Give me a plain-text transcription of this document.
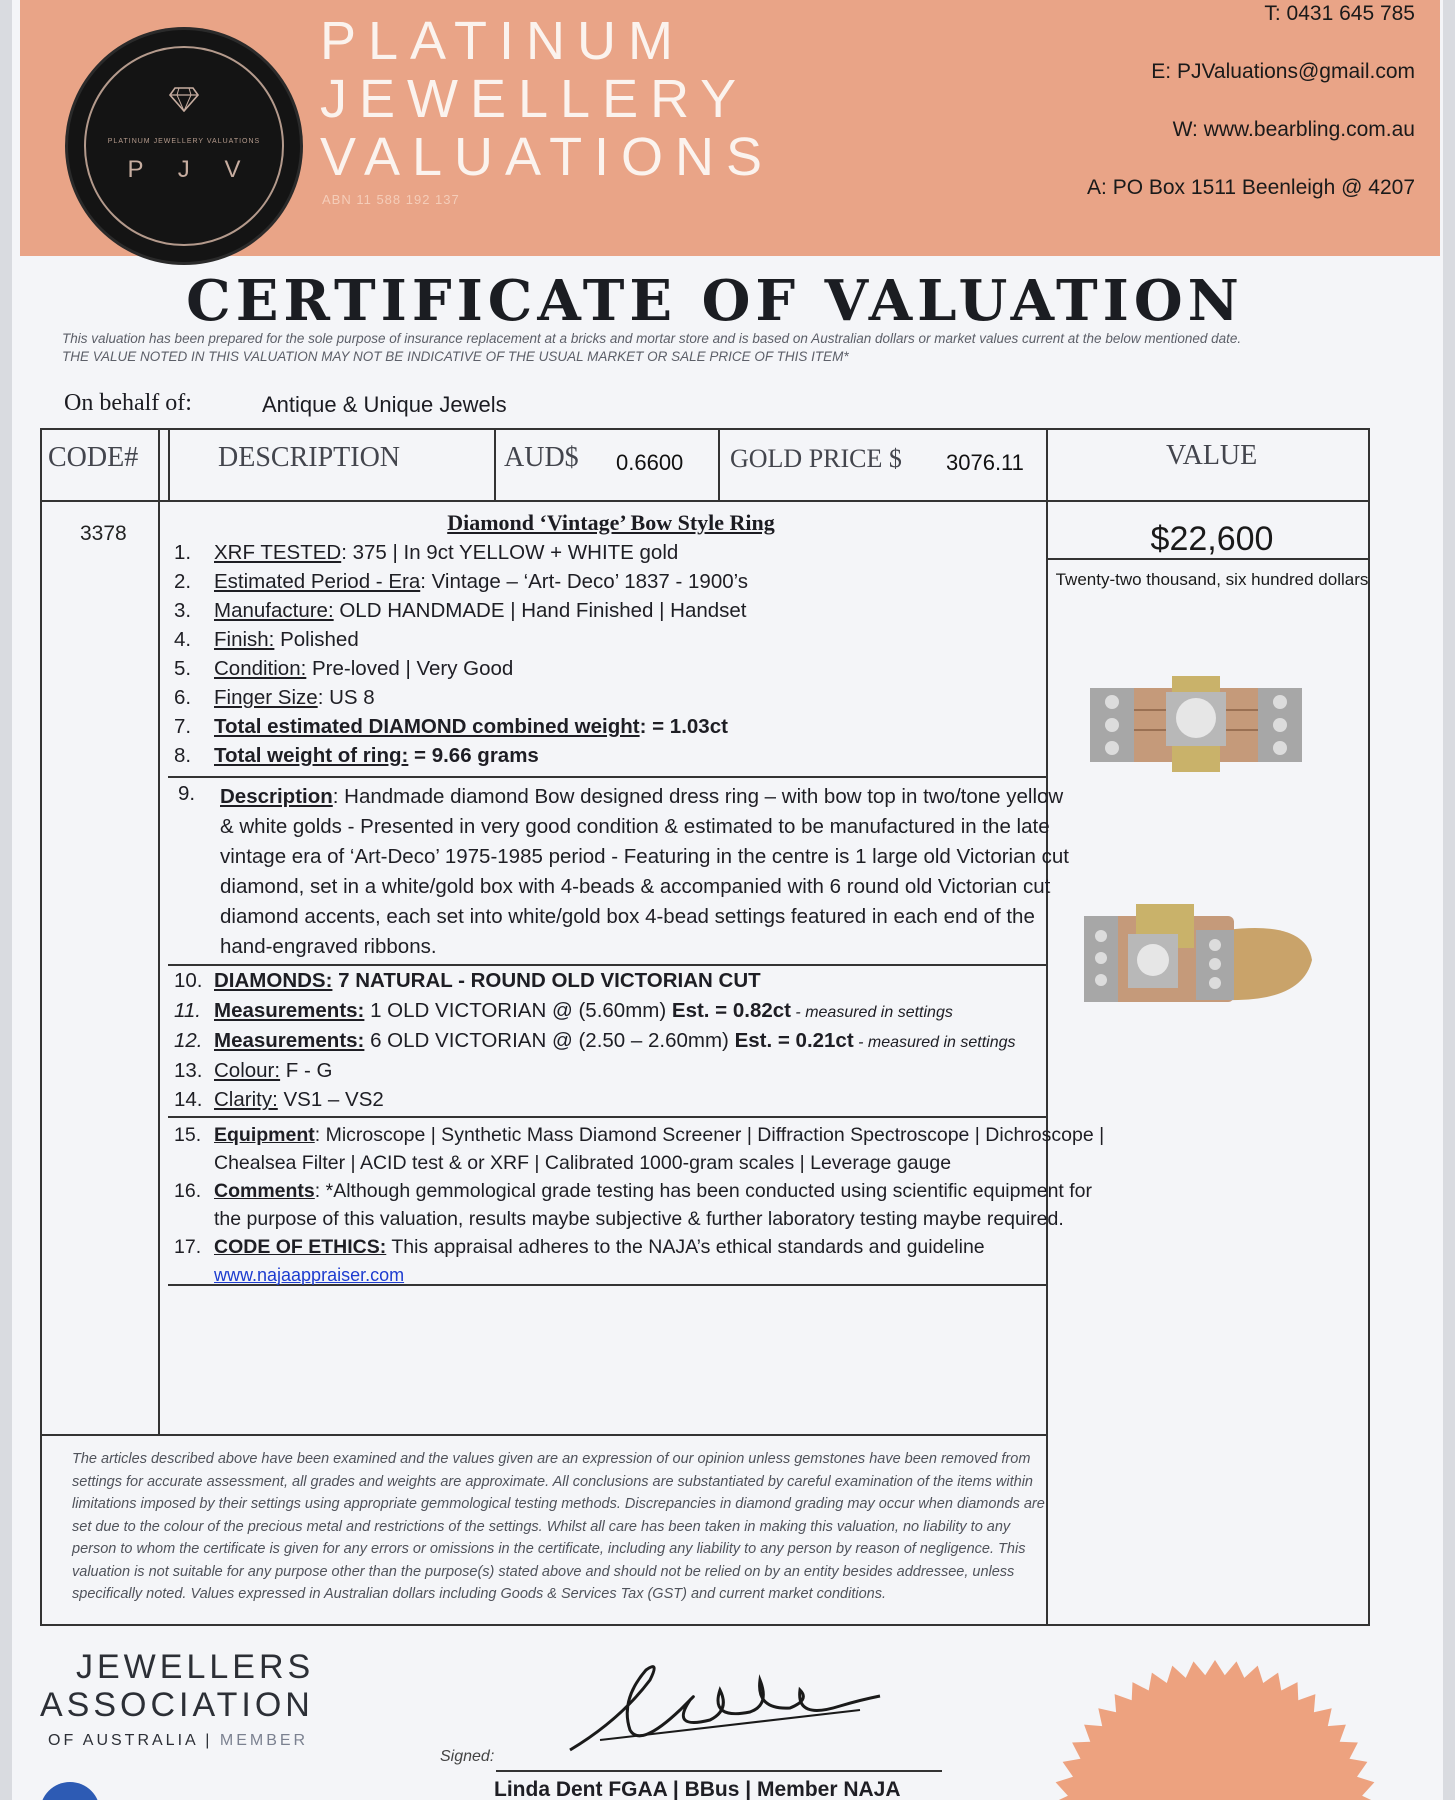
PLATINUM JEWELLERY VALUATIONS
P J V
PLATINUM
JEWELLERY
VALUATIONS
ABN 11 588 192 137
T: 0431 645 785
E: PJValuations@gmail.com
W: www.bearbling.com.au
A: PO Box 1511 Beenleigh @ 4207
CERTIFICATE OF VALUATION
This valuation has been prepared for the sole purpose of insurance replacement at a bricks and mortar store and is based on Australian dollars or market values current at the below mentioned date.
THE VALUE NOTED IN THIS VALUATION MAY NOT BE INDICATIVE OF THE USUAL MARKET OR SALE PRICE OF THIS ITEM*
On behalf of:	Antique & Unique Jewels
CODE#	DESCRIPTION	AUD$ 0.6600 GOLD PRICE $ 3076.11	VALUE
3378	Diamond ‘Vintage’ Bow Style Ring
1. XRF TESTED: 375 | In 9ct YELLOW + WHITE gold
2. Estimated Period - Era: Vintage – ‘Art- Deco’ 1837 - 1900’s
3. Manufacture: OLD HANDMADE | Hand Finished | Handset
4. Finish: Polished
5. Condition: Pre-loved | Very Good
6. Finger Size: US 8
7. Total estimated DIAMOND combined weight: = 1.03ct
8. Total weight of ring: = 9.66 grams
9. Description: Handmade diamond Bow designed dress ring – with bow top in two/tone yellow & white golds - Presented in very good condition & estimated to be manufactured in the late vintage era of ‘Art-Deco’ 1975-1985 period - Featuring in the centre is 1 large old Victorian cut diamond, set in a white/gold box with 4-beads & accompanied with 6 round old Victorian cut diamond accents, each set into white/gold box 4-bead settings featured in each end of the hand-engraved ribbons.
10. DIAMONDS: 7 NATURAL - ROUND OLD VICTORIAN CUT
11. Measurements: 1 OLD VICTORIAN @ (5.60mm) Est. = 0.82ct - measured in settings
12. Measurements: 6 OLD VICTORIAN @ (2.50 – 2.60mm) Est. = 0.21ct - measured in settings
13. Colour: F - G
14. Clarity: VS1 – VS2
15. Equipment: Microscope | Synthetic Mass Diamond Screener | Diffraction Spectroscope | Dichroscope |
Chealsea Filter | ACID test & or XRF | Calibrated 1000-gram scales | Leverage gauge
16. Comments: *Although gemmological grade testing has been conducted using scientific equipment for
the purpose of this valuation, results maybe subjective & further laboratory testing maybe required.
17. CODE OF ETHICS: This appraisal adheres to the NAJA’s ethical standards and guideline
www.najaappraiser.com
$22,600
Twenty-two thousand, six hundred dollars
The articles described above have been examined and the values given are an expression of our opinion unless gemstones have been removed from settings for accurate assessment, all grades and weights are approximate. All conclusions are substantiated by careful examination of the items within limitations imposed by their settings using appropriate gemmological testing methods. Discrepancies in diamond grading may occur when diamonds are set due to the colour of the precious metal and restrictions of the settings. Whilst all care has been taken in making this valuation, no liability to any person to whom the certificate is given for any errors or omissions in the certificate, including any liability to any person by reason of negligence. This valuation is not suitable for any purpose other than the purpose(s) stated above and should not be relied on by an entity besides addressee, unless specifically noted. Values expressed in Australian dollars including Goods & Services Tax (GST) and current market conditions.
JEWELLERS
ASSOCIATION
OF AUSTRALIA | MEMBER
Signed:
Linda Dent FGAA | BBus | Member NAJA
